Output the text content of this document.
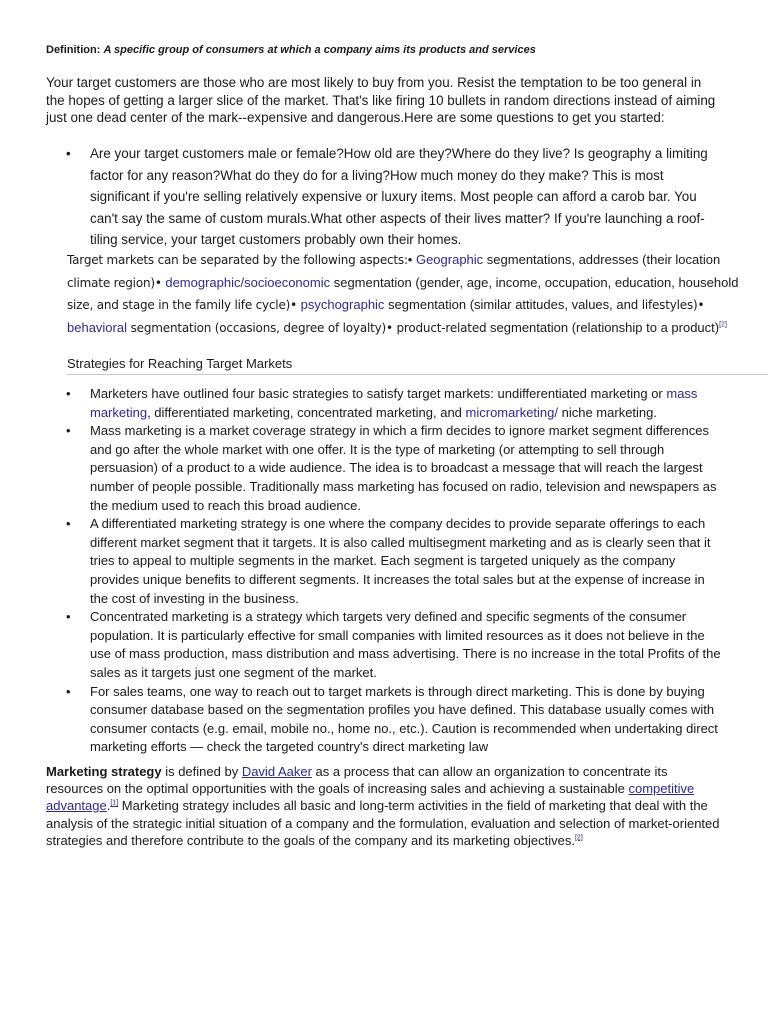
Definition: A specific group of consumers at which a company aims its products and services

Your target customers are those who are most likely to buy from you. Resist the temptation to be too general in the hopes of getting a larger slice of the market. That's like firing 10 bullets in random directions instead of aiming just one dead center of the mark--expensive and dangerous.Here are some questions to get you started:

• Are your target customers male or female?How old are they?Where do they live? Is geography a limiting factor for any reason?What do they do for a living?How much money do they make? This is most significant if you're selling relatively expensive or luxury items. Most people can afford a carob bar. You can't say the same of custom murals.What other aspects of their lives matter? If you're launching a roof-tiling service, your target customers probably own their homes.

Target markets can be separated by the following aspects:• Geographic segmentations, addresses (their location climate region)• demographic/socioeconomic segmentation (gender, age, income, occupation, education, household size, and stage in the family life cycle)• psychographic segmentation (similar attitudes, values, and lifestyles)• behavioral segmentation (occasions, degree of loyalty)• product-related segmentation (relationship to a product)[2]

Strategies for Reaching Target Markets
• Marketers have outlined four basic strategies to satisfy target markets: undifferentiated marketing or mass marketing, differentiated marketing, concentrated marketing, and micromarketing/ niche marketing.
• Mass marketing is a market coverage strategy in which a firm decides to ignore market segment differences and go after the whole market with one offer. It is the type of marketing (or attempting to sell through persuasion) of a product to a wide audience. The idea is to broadcast a message that will reach the largest number of people possible. Traditionally mass marketing has focused on radio, television and newspapers as the medium used to reach this broad audience.
• A differentiated marketing strategy is one where the company decides to provide separate offerings to each different market segment that it targets. It is also called multisegment marketing and as is clearly seen that it tries to appeal to multiple segments in the market. Each segment is targeted uniquely as the company provides unique benefits to different segments. It increases the total sales but at the expense of increase in the cost of investing in the business.
• Concentrated marketing is a strategy which targets very defined and specific segments of the consumer population. It is particularly effective for small companies with limited resources as it does not believe in the use of mass production, mass distribution and mass advertising. There is no increase in the total Profits of the sales as it targets just one segment of the market.
• For sales teams, one way to reach out to target markets is through direct marketing. This is done by buying consumer database based on the segmentation profiles you have defined. This database usually comes with consumer contacts (e.g. email, mobile no., home no., etc.). Caution is recommended when undertaking direct marketing efforts — check the targeted country's direct marketing law

Marketing strategy is defined by David Aaker as a process that can allow an organization to concentrate its resources on the optimal opportunities with the goals of increasing sales and achieving a sustainable competitive advantage.[1] Marketing strategy includes all basic and long-term activities in the field of marketing that deal with the analysis of the strategic initial situation of a company and the formulation, evaluation and selection of market-oriented strategies and therefore contribute to the goals of the company and its marketing objectives.[2]
